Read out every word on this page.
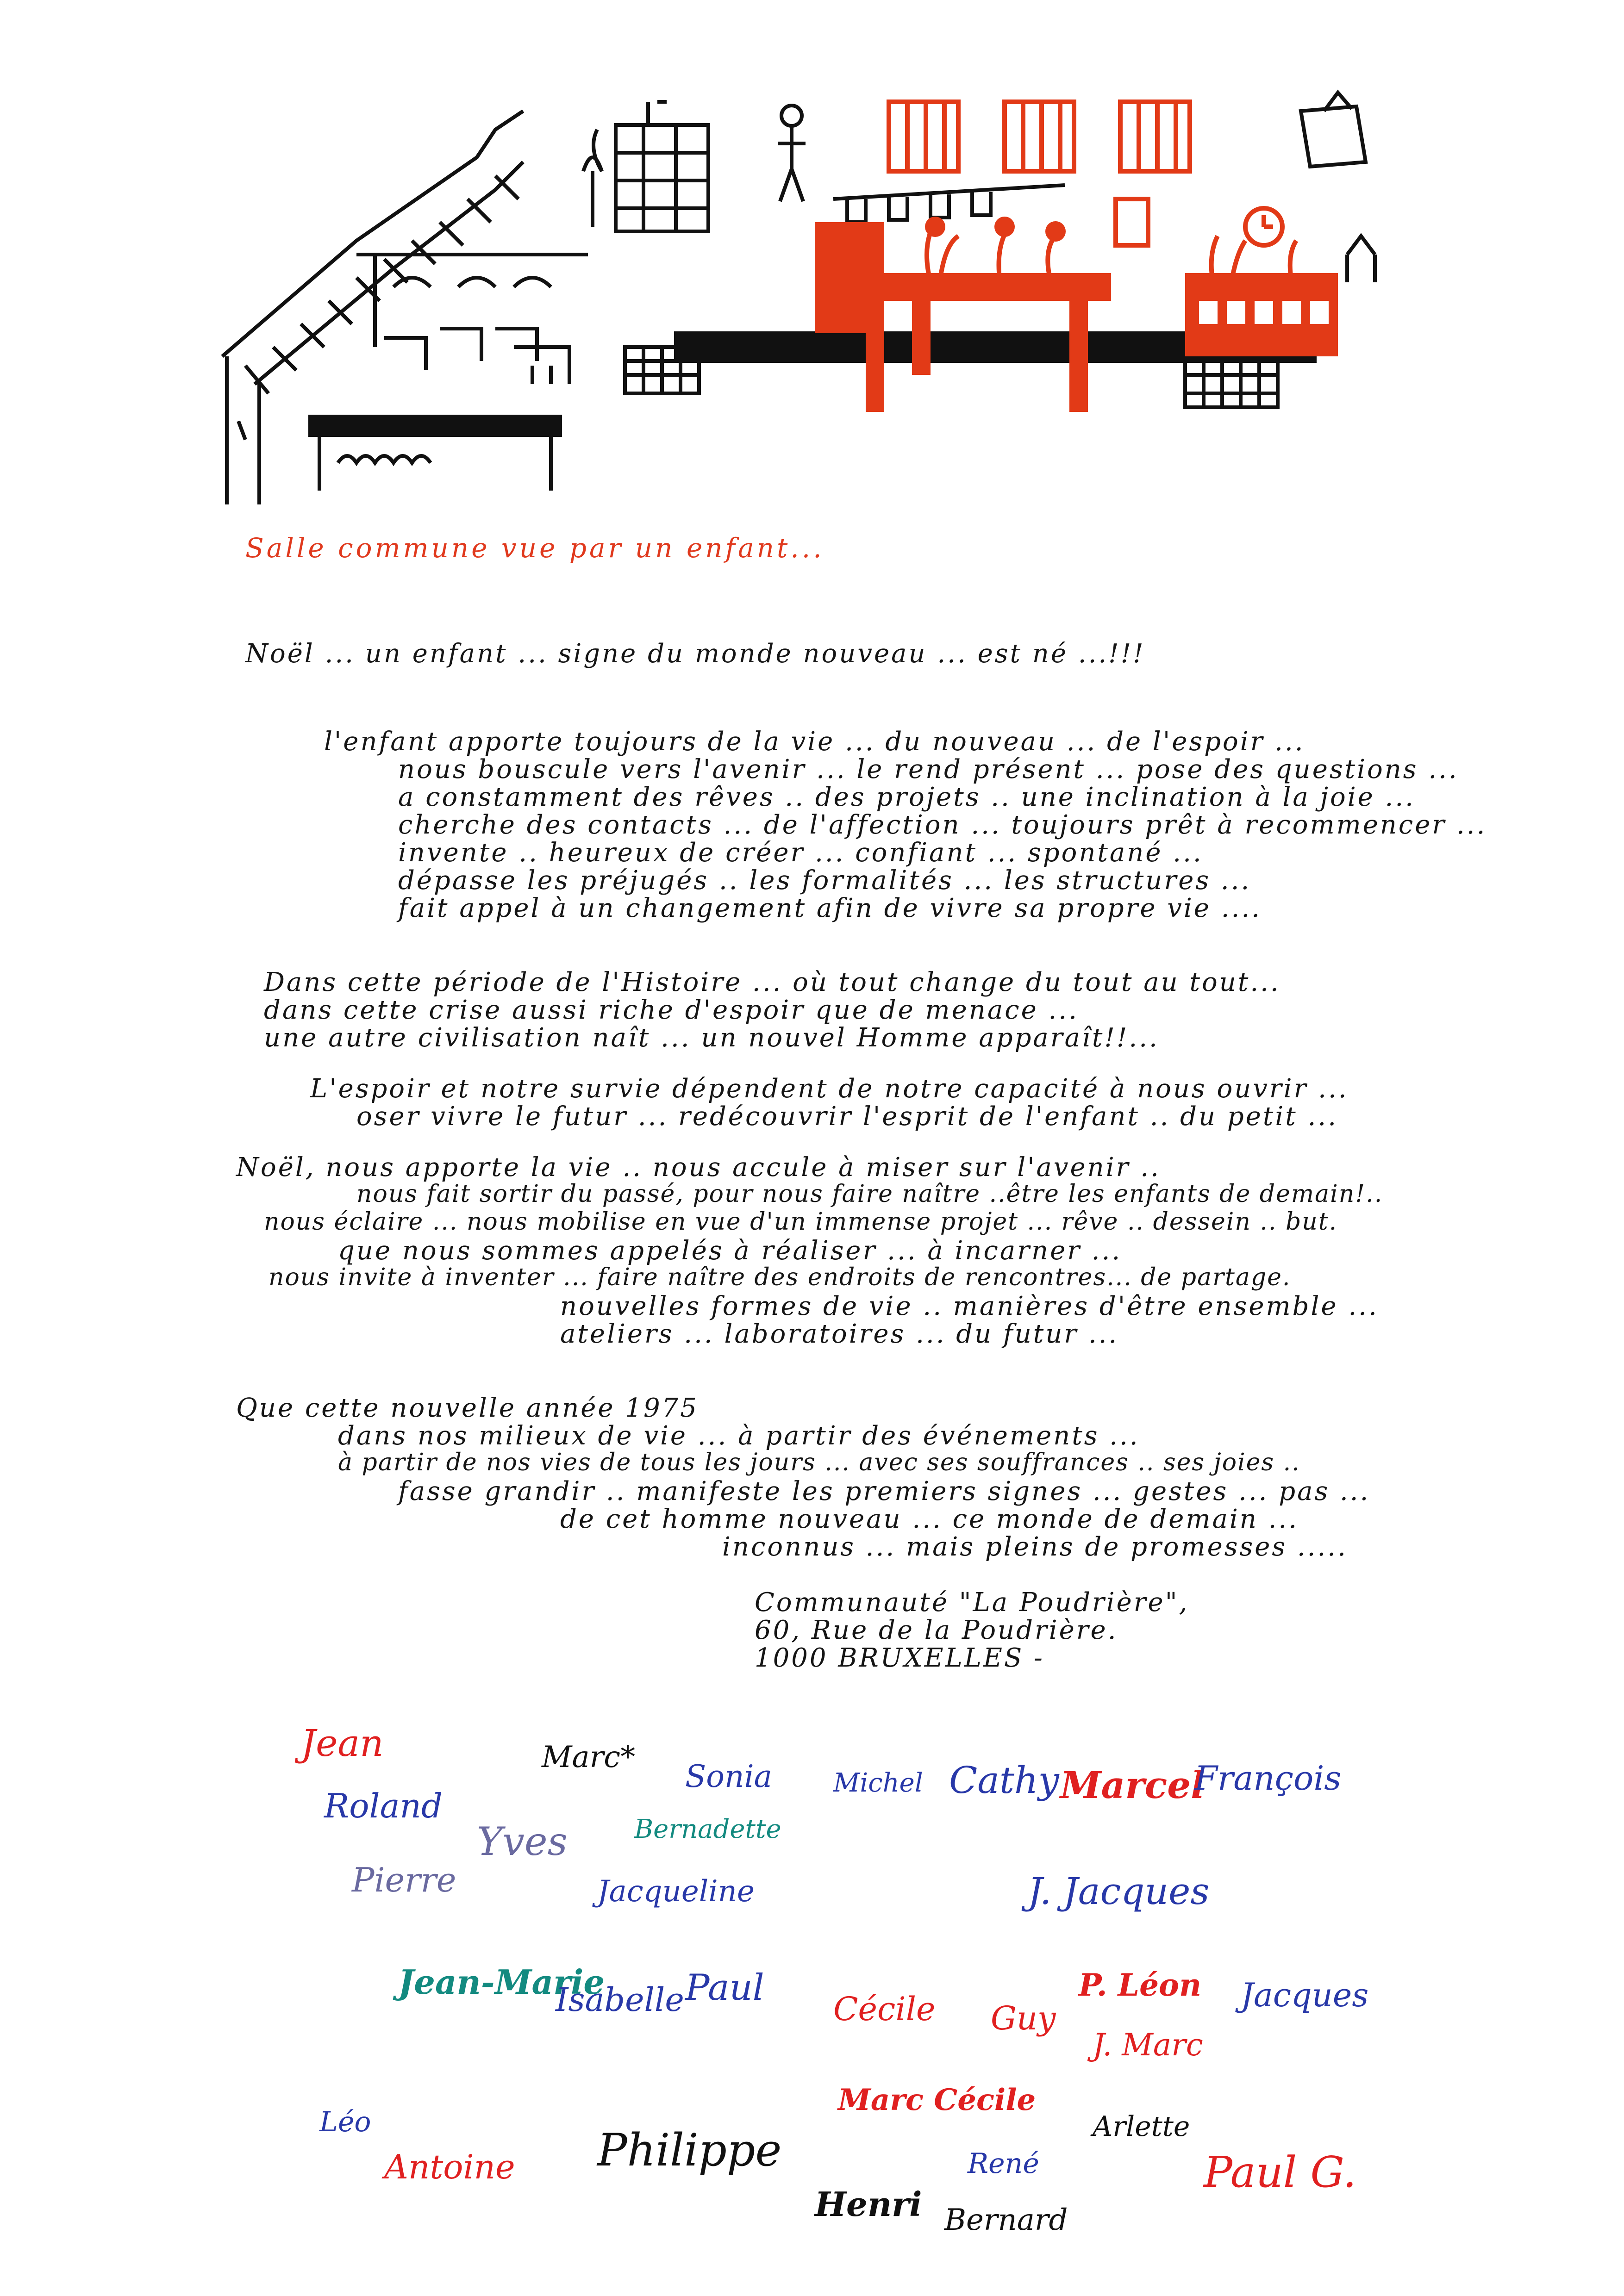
Salle commune vue par un enfant...
Noël ... un enfant ... signe du monde nouveau ... est né ...!!!
l'enfant apporte toujours de la vie ... du nouveau ... de l'espoir ...
nous bouscule vers l'avenir ... le rend présent ... pose des questions ...
a constamment des rêves .. des projets .. une inclination à la joie ...
cherche des contacts ... de l'affection ... toujours prêt à recommencer ...
invente .. heureux de créer ... confiant ... spontané ...
dépasse les préjugés .. les formalités ... les structures ...
fait appel à un changement afin de vivre sa propre vie ....
Dans cette période de l'Histoire ... où tout change du tout au tout...
dans cette crise aussi riche d'espoir que de menace ...
une autre civilisation naît ... un nouvel Homme apparaît!!...
L'espoir et notre survie dépendent de notre capacité à nous ouvrir ...
oser vivre le futur ... redécouvrir l'esprit de l'enfant .. du petit ...
Noël, nous apporte la vie .. nous accule à miser sur l'avenir ..
nous fait sortir du passé, pour nous faire naître ..être les enfants de demain!..
nous éclaire ... nous mobilise en vue d'un immense projet ... rêve .. dessein .. but.
que nous sommes appelés à réaliser ... à incarner ...
nous invite à inventer ... faire naître des endroits de rencontres... de partage.
nouvelles formes de vie .. manières d'être ensemble ...
ateliers ... laboratoires ... du futur ...
Que cette nouvelle année 1975
dans nos milieux de vie ... à partir des événements ...
à partir de nos vies de tous les jours ... avec ses souffrances .. ses joies ..
fasse grandir .. manifeste les premiers signes ... gestes ... pas ...
de cet homme nouveau ... ce monde de demain ...
inconnus ... mais pleins de promesses .....
Communauté "La Poudrière",
60, Rue de la Poudrière.
1000 BRUXELLES -
Jean	Marc*
Sonia	Cathy Marcel
François
Roland
Michel
Pierre
Yves	Bernadette
Jacqueline	J. Jacques
Jean-Marie
Isabelle Paul
Cécile Guy
P. Léon
J. Marc
Jacques
Léo
Antoine Philippe
Marc Cécile
Arlette
René
Henri Bernard
Paul G.
